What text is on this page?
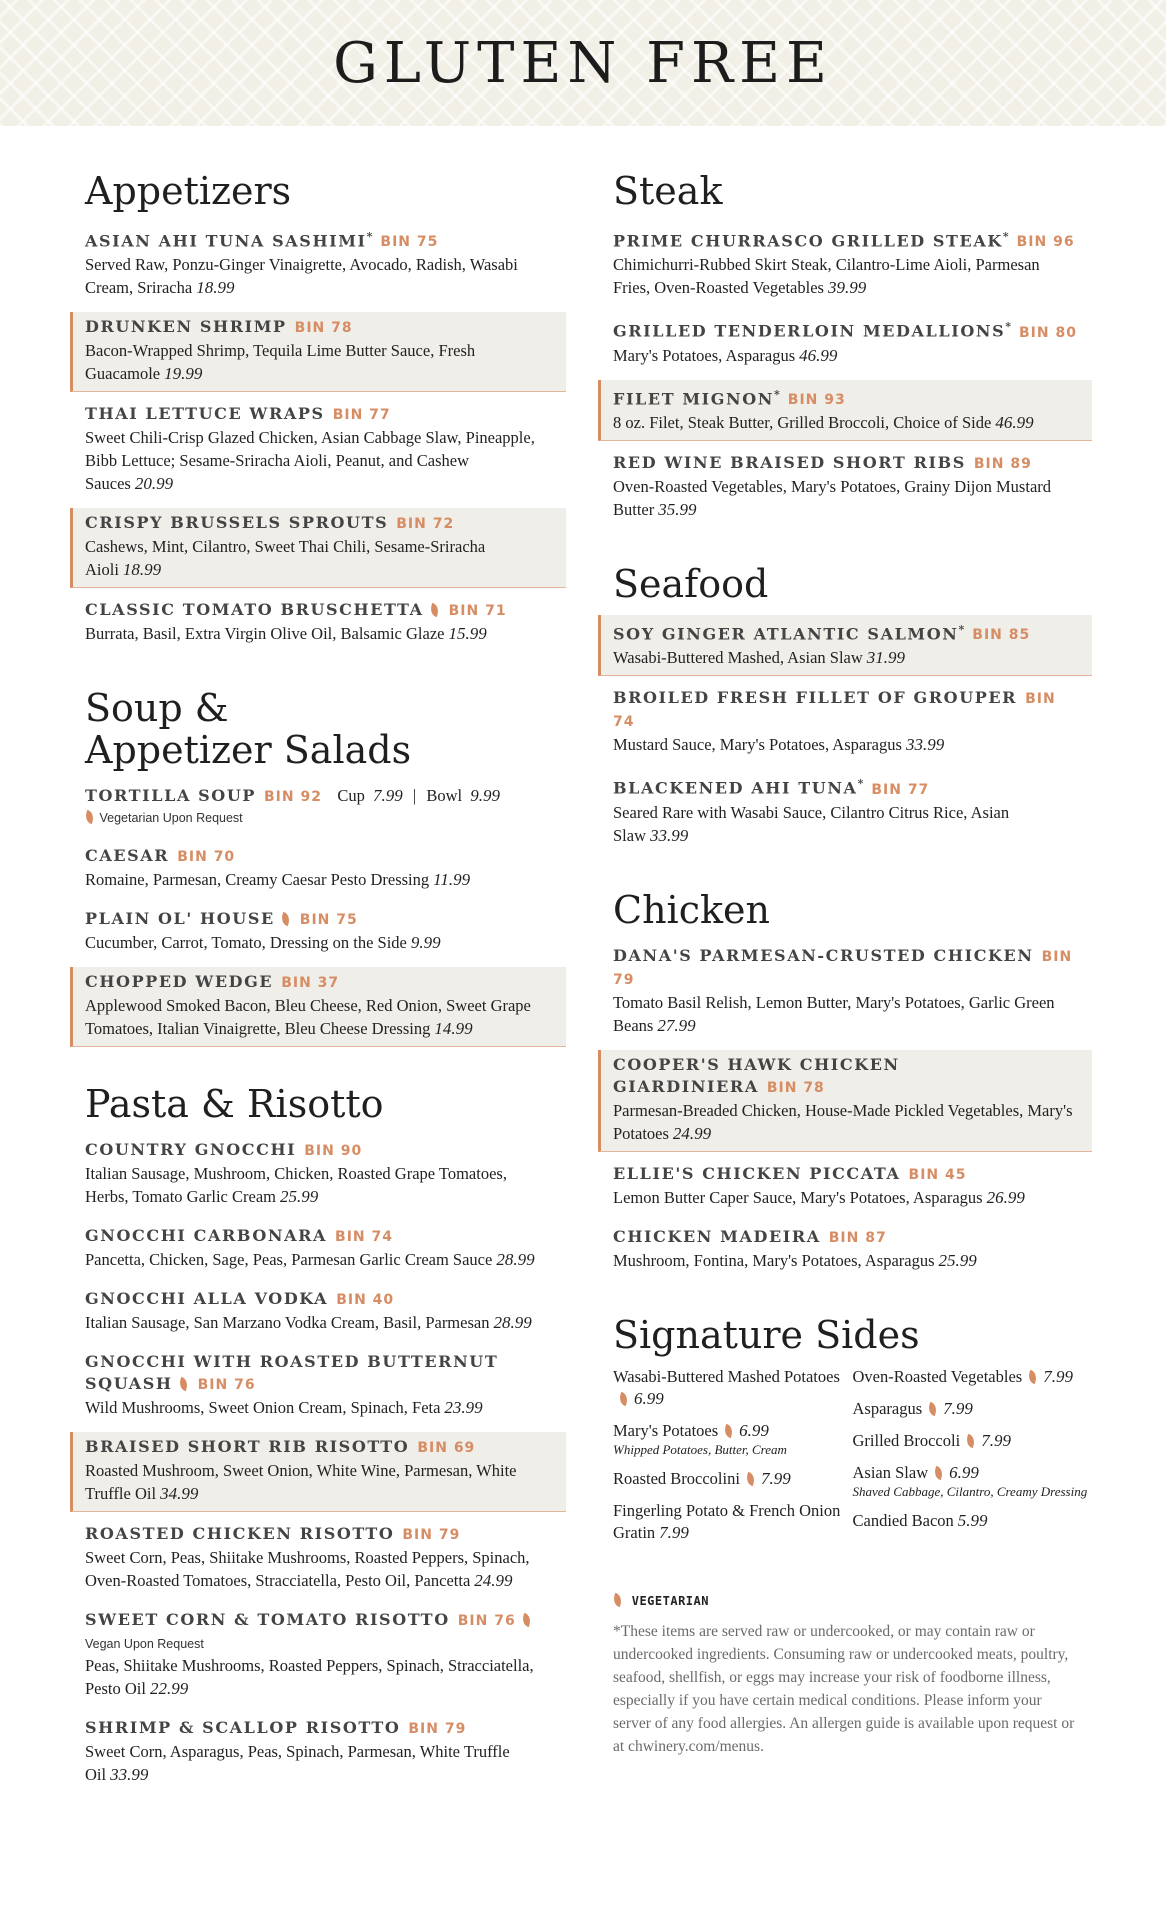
GLUTEN FREE
Appetizers
ASIAN AHI TUNA SASHIMI* BIN 75
Served Raw, Ponzu-Ginger Vinaigrette, Avocado, Radish, Wasabi Cream, Sriracha 18.99
DRUNKEN SHRIMP BIN 78
Bacon-Wrapped Shrimp, Tequila Lime Butter Sauce, Fresh Guacamole 19.99
THAI LETTUCE WRAPS BIN 77
Sweet Chili-Crisp Glazed Chicken, Asian Cabbage Slaw, Pineapple, Bibb Lettuce; Sesame-Sriracha Aioli, Peanut, and Cashew Sauces 20.99
CRISPY BRUSSELS SPROUTS BIN 72
Cashews, Mint, Cilantro, Sweet Thai Chili, Sesame-Sriracha Aioli 18.99
CLASSIC TOMATO BRUSCHETTA BIN 71
Burrata, Basil, Extra Virgin Olive Oil, Balsamic Glaze 15.99
Soup &
Appetizer Salads
TORTILLA SOUP BIN 92 Cup 7.99 | Bowl 9.99
Vegetarian Upon Request
CAESAR BIN 70
Romaine, Parmesan, Creamy Caesar Pesto Dressing 11.99
PLAIN OL' HOUSE BIN 75
Cucumber, Carrot, Tomato, Dressing on the Side 9.99
CHOPPED WEDGE BIN 37
Applewood Smoked Bacon, Bleu Cheese, Red Onion, Sweet Grape Tomatoes, Italian Vinaigrette, Bleu Cheese Dressing 14.99
Pasta & Risotto
COUNTRY GNOCCHI BIN 90
Italian Sausage, Mushroom, Chicken, Roasted Grape Tomatoes, Herbs, Tomato Garlic Cream 25.99
GNOCCHI CARBONARA BIN 74
Pancetta, Chicken, Sage, Peas, Parmesan Garlic Cream Sauce 28.99
GNOCCHI ALLA VODKA BIN 40
Italian Sausage, San Marzano Vodka Cream, Basil, Parmesan 28.99
GNOCCHI WITH ROASTED BUTTERNUT SQUASH BIN 76
Wild Mushrooms, Sweet Onion Cream, Spinach, Feta 23.99
BRAISED SHORT RIB RISOTTO BIN 69
Roasted Mushroom, Sweet Onion, White Wine, Parmesan, White Truffle Oil 34.99
ROASTED CHICKEN RISOTTO BIN 79
Sweet Corn, Peas, Shiitake Mushrooms, Roasted Peppers, Spinach, Oven-Roasted Tomatoes, Stracciatella, Pesto Oil, Pancetta 24.99
SWEET CORN & TOMATO RISOTTO BIN 76Vegan Upon Request
Peas, Shiitake Mushrooms, Roasted Peppers, Spinach, Stracciatella, Pesto Oil 22.99
SHRIMP & SCALLOP RISOTTO BIN 79
Sweet Corn, Asparagus, Peas, Spinach, Parmesan, White Truffle Oil 33.99
Steak
PRIME CHURRASCO GRILLED STEAK* BIN 96
Chimichurri-Rubbed Skirt Steak, Cilantro-Lime Aioli, Parmesan Fries, Oven-Roasted Vegetables 39.99
GRILLED TENDERLOIN MEDALLIONS* BIN 80
Mary's Potatoes, Asparagus 46.99
FILET MIGNON* BIN 93
8 oz. Filet, Steak Butter, Grilled Broccoli, Choice of Side 46.99
RED WINE BRAISED SHORT RIBS BIN 89
Oven-Roasted Vegetables, Mary's Potatoes, Grainy Dijon Mustard Butter 35.99
Seafood
SOY GINGER ATLANTIC SALMON* BIN 85
Wasabi-Buttered Mashed, Asian Slaw 31.99
BROILED FRESH FILLET OF GROUPER BIN 74
Mustard Sauce, Mary's Potatoes, Asparagus 33.99
BLACKENED AHI TUNA* BIN 77
Seared Rare with Wasabi Sauce, Cilantro Citrus Rice, Asian Slaw 33.99
Chicken
DANA'S PARMESAN-CRUSTED CHICKEN BIN 79
Tomato Basil Relish, Lemon Butter, Mary's Potatoes, Garlic Green Beans 27.99
COOPER'S HAWK CHICKEN GIARDINIERA BIN 78
Parmesan-Breaded Chicken, House-Made Pickled Vegetables, Mary's Potatoes 24.99
ELLIE'S CHICKEN PICCATA BIN 45
Lemon Butter Caper Sauce, Mary's Potatoes, Asparagus 26.99
CHICKEN MADEIRA BIN 87
Mushroom, Fontina, Mary's Potatoes, Asparagus 25.99
Signature Sides
Wasabi-Buttered Mashed Potatoes6.99
Mary's Potatoes 6.99
Whipped Potatoes, Butter, Cream
Roasted Broccolini 7.99
Fingerling Potato & French Onion Gratin 7.99
Oven-Roasted Vegetables 7.99
Asparagus 7.99
Grilled Broccoli 7.99
Asian Slaw 6.99
Shaved Cabbage, Cilantro, Creamy Dressing
Candied Bacon 5.99
VEGETARIAN

*These items are served raw or undercooked, or may contain raw or undercooked ingredients. Consuming raw or undercooked meats, poultry, seafood, shellfish, or eggs may increase your risk of foodborne illness, especially if you have certain medical conditions. Please inform your server of any food allergies. An allergen guide is available upon request or at chwinery.com/menus.
